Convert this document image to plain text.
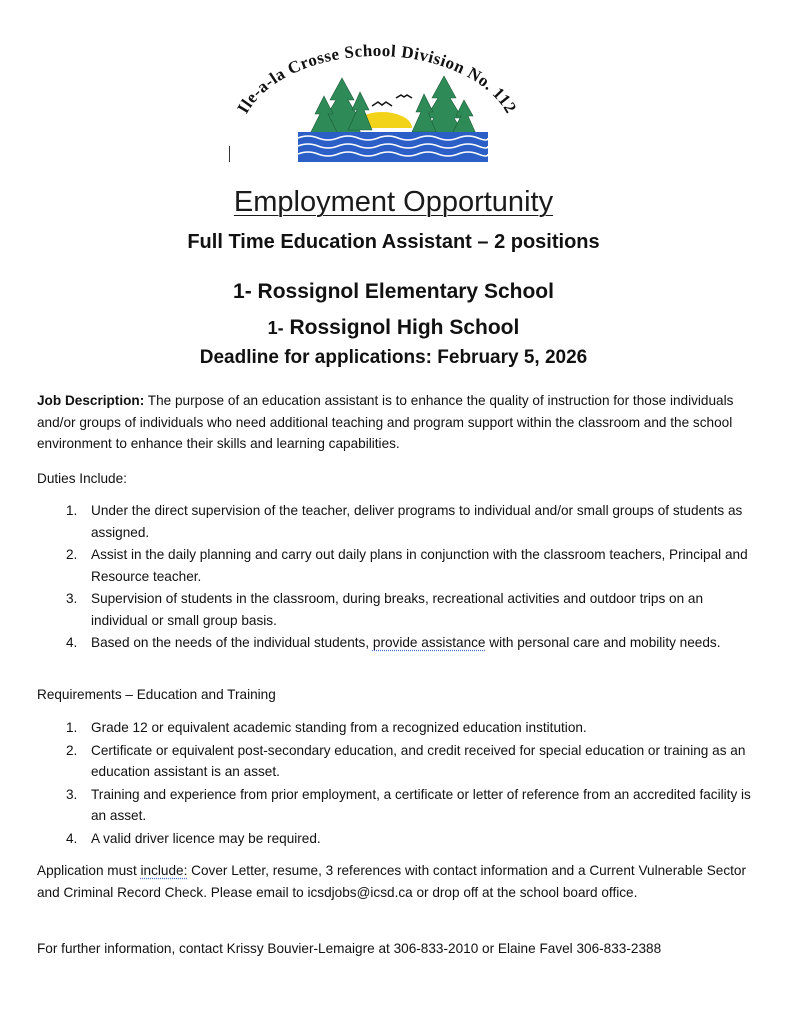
Ile-a-la Crosse School Division No. 112
Employment Opportunity
Full Time Education Assistant – 2 positions
1- Rossignol Elementary School
1- Rossignol High School
Deadline for applications: February 5, 2026
Job Description: The purpose of an education assistant is to enhance the quality of instruction for those individuals and/or groups of individuals who need additional teaching and program support within the classroom and the school environment to enhance their skills and learning capabilities.
Duties Include:
1. Under the direct supervision of the teacher, deliver programs to individual and/or small groups of students as assigned.
2. Assist in the daily planning and carry out daily plans in conjunction with the classroom teachers, Principal and Resource teacher.
3. Supervision of students in the classroom, during breaks, recreational activities and outdoor trips on an individual or small group basis.
4. Based on the needs of the individual students, provide assistance with personal care and mobility needs.
Requirements – Education and Training
1. Grade 12 or equivalent academic standing from a recognized education institution.
2. Certificate or equivalent post-secondary education, and credit received for special education or training as an education assistant is an asset.
3. Training and experience from prior employment, a certificate or letter of reference from an accredited facility is an asset.
4. A valid driver licence may be required.
Application must include: Cover Letter, resume, 3 references with contact information and a Current Vulnerable Sector and Criminal Record Check. Please email to icsdjobs@icsd.ca or drop off at the school board office.
For further information, contact Krissy Bouvier-Lemaigre at 306-833-2010 or Elaine Favel 306-833-2388
